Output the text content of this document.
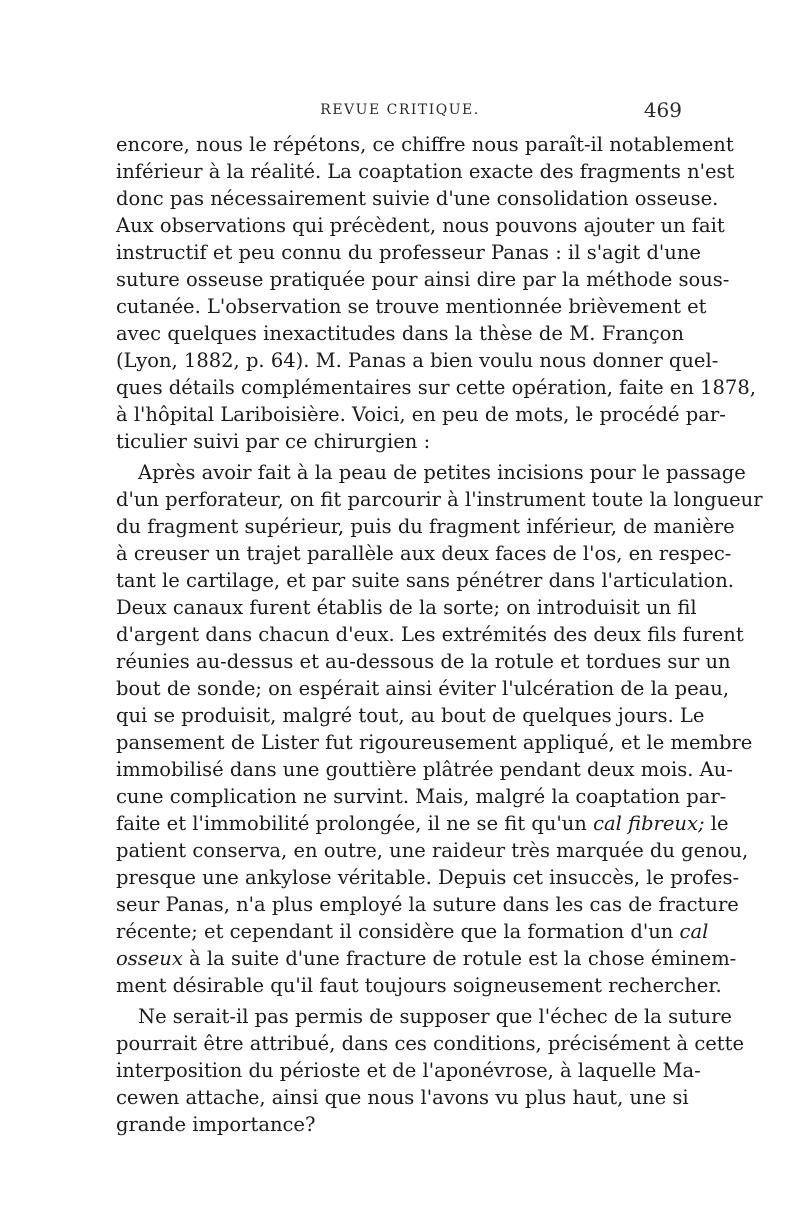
REVUE CRITIQUE.	469
encore, nous le répétons, ce chiffre nous paraît-il notablement
inférieur à la réalité. La coaptation exacte des fragments n'est
donc pas nécessairement suivie d'une consolidation osseuse.
Aux observations qui précèdent, nous pouvons ajouter un fait
instructif et peu connu du professeur Panas : il s'agit d'une
suture osseuse pratiquée pour ainsi dire par la méthode sous-
cutanée. L'observation se trouve mentionnée brièvement et
avec quelques inexactitudes dans la thèse de M. Françon
(Lyon, 1882, p. 64). M. Panas a bien voulu nous donner quel-
ques détails complémentaires sur cette opération, faite en 1878,
à l'hôpital Lariboisière. Voici, en peu de mots, le procédé par-
ticulier suivi par ce chirurgien :
Après avoir fait à la peau de petites incisions pour le passage
d'un perforateur, on fit parcourir à l'instrument toute la longueur
du fragment supérieur, puis du fragment inférieur, de manière
à creuser un trajet parallèle aux deux faces de l'os, en respec-
tant le cartilage, et par suite sans pénétrer dans l'articulation.
Deux canaux furent établis de la sorte; on introduisit un fil
d'argent dans chacun d'eux. Les extrémités des deux fils furent
réunies au-dessus et au-dessous de la rotule et tordues sur un
bout de sonde; on espérait ainsi éviter l'ulcération de la peau,
qui se produisit, malgré tout, au bout de quelques jours. Le
pansement de Lister fut rigoureusement appliqué, et le membre
immobilisé dans une gouttière plâtrée pendant deux mois. Au-
cune complication ne survint. Mais, malgré la coaptation par-
faite et l'immobilité prolongée, il ne se fit qu'un cal fibreux; le
patient conserva, en outre, une raideur très marquée du genou,
presque une ankylose véritable. Depuis cet insuccès, le profes-
seur Panas, n'a plus employé la suture dans les cas de fracture
récente; et cependant il considère que la formation d'un cal
osseux à la suite d'une fracture de rotule est la chose éminem-
ment désirable qu'il faut toujours soigneusement rechercher.
Ne serait-il pas permis de supposer que l'échec de la suture
pourrait être attribué, dans ces conditions, précisément à cette
interposition du périoste et de l'aponévrose, à laquelle Ma-
cewen attache, ainsi que nous l'avons vu plus haut, une si
grande importance?
